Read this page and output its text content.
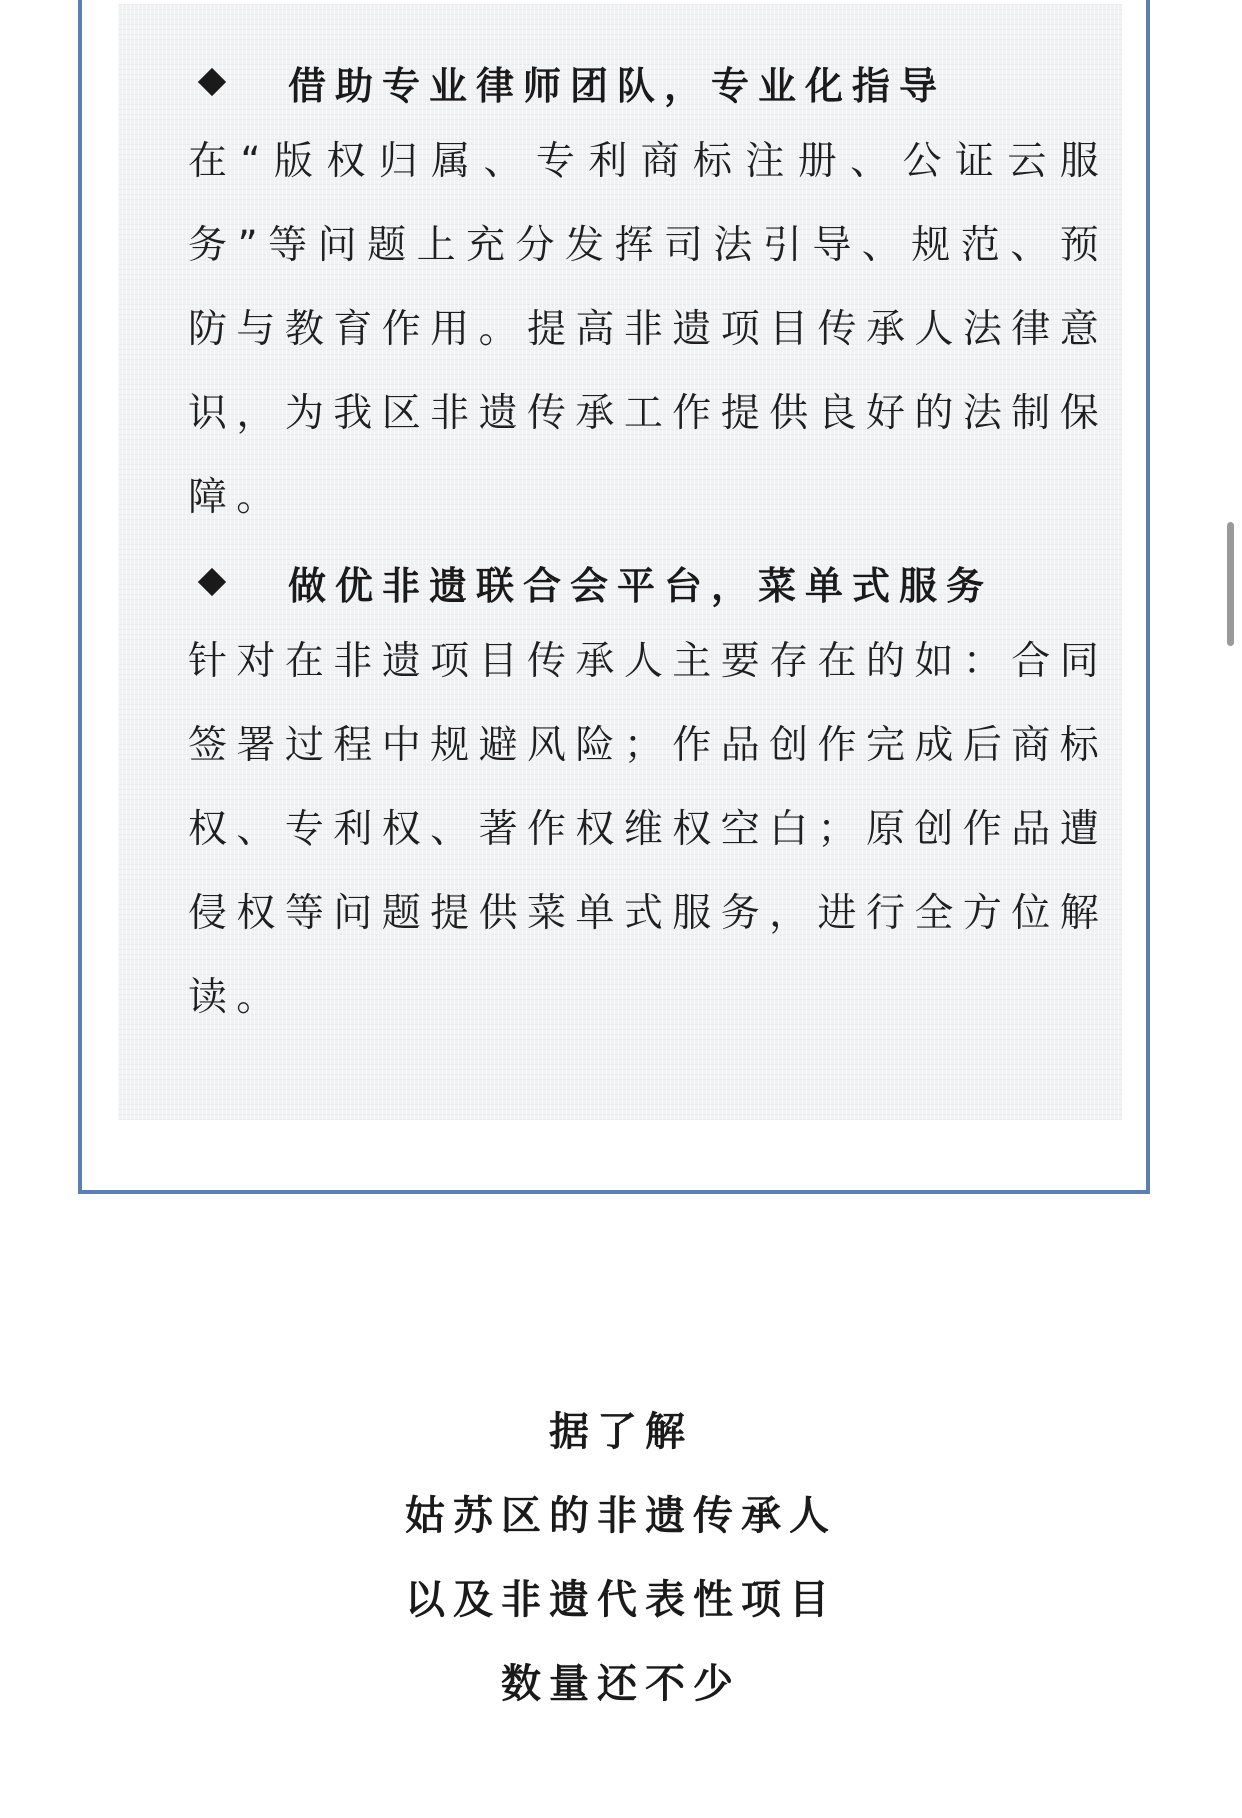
借助专业律师团队，专业化指导
在“版权归属、专利商标注册、公证云服务”等问题上充分发挥司法引导、规范、预防与教育作用。提高非遗项目传承人法律意识，为我区非遗传承工作提供良好的法制保障。
做优非遗联合会平台，菜单式服务
针对在非遗项目传承人主要存在的如：合同签署过程中规避风险；作品创作完成后商标权、专利权、著作权维权空白；原创作品遭侵权等问题提供菜单式服务，进行全方位解读。
据了解
姑苏区的非遗传承人
以及非遗代表性项目
数量还不少
